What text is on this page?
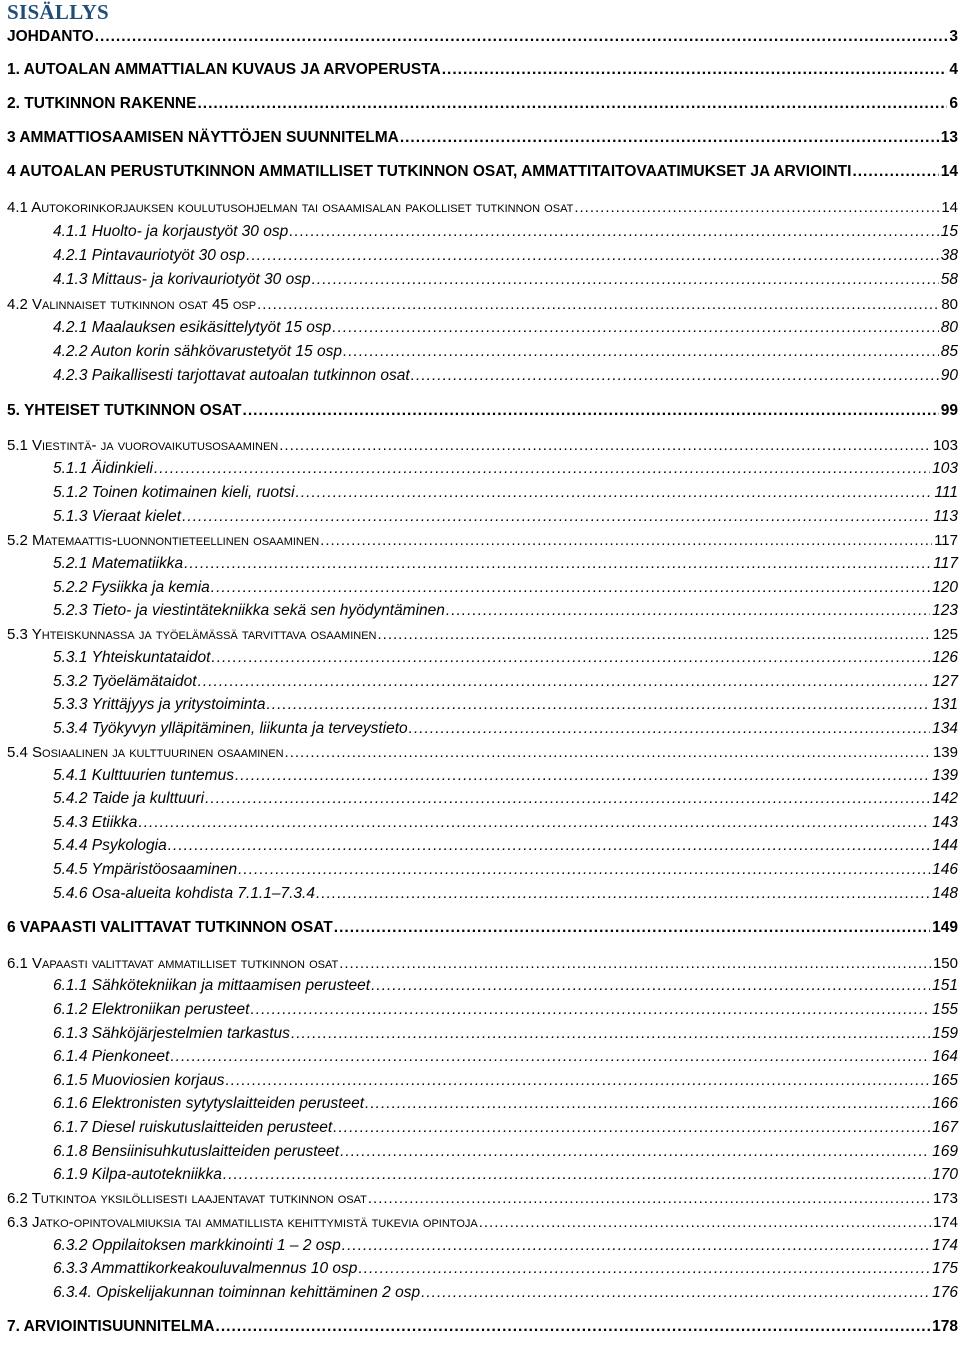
SISÄLLYS
JOHDANTO .....	3
1. AUTOALAN AMMATTIALAN KUVAUS JA ARVOPERUSTA .....	4
2. TUTKINNON RAKENNE .....	6
3 AMMATTIOSAAMISEN NÄYTTÖJEN SUUNNITELMA .....	13
4 AUTOALAN PERUSTUTKINNON AMMATILLISET TUTKINNON OSAT, AMMATTITAITOVAATIMUKSET JA ARVIOINTI .....	14
4.1 Autokorinkorjauksen koulutusohjelman tai osaamisalan pakolliset tutkinnon osat .....	14
4.1.1 Huolto- ja korjaustyöt 30 osp .....	15
4.2.1 Pintavauriotyöt 30 osp .....	38
4.1.3 Mittaus- ja korivauriotyöt 30 osp .....	58
4.2 Valinnaiset tutkinnon osat 45 osp .....	80
4.2.1 Maalauksen esikäsittelytyöt 15 osp .....	80
4.2.2 Auton korin sähkövarustetyöt 15 osp .....	85
4.2.3 Paikallisesti tarjottavat autoalan tutkinnon osat .....	90
5. YHTEISET TUTKINNON OSAT .....	99
5.1 Viestintä- ja vuorovaikutusosaaminen .....	103
5.1.1 Äidinkieli .....	103
5.1.2 Toinen kotimainen kieli, ruotsi .....	111
5.1.3 Vieraat kielet .....	113
5.2 Matemaattis-luonnontieteellinen osaaminen .....	117
5.2.1 Matematiikka .....	117
5.2.2 Fysiikka ja kemia .....	120
5.2.3 Tieto- ja viestintätekniikka sekä sen hyödyntäminen .....	123
5.3 Yhteiskunnassa ja työelämässä tarvittava osaaminen .....	125
5.3.1 Yhteiskuntataidot .....	126
5.3.2 Työelämätaidot .....	127
5.3.3 Yrittäjyys ja yritystoiminta .....	131
5.3.4 Työkyvyn ylläpitäminen, liikunta ja terveystieto .....	134
5.4 Sosiaalinen ja kulttuurinen osaaminen .....	139
5.4.1 Kulttuurien tuntemus .....	139
5.4.2 Taide ja kulttuuri .....	142
5.4.3 Etiikka .....	143
5.4.4 Psykologia .....	144
5.4.5 Ympäristöosaaminen .....	146
5.4.6 Osa-alueita kohdista 7.1.1–7.3.4 .....	148
6 VAPAASTI VALITTAVAT TUTKINNON OSAT .....	149
6.1 Vapaasti valittavat ammatilliset tutkinnon osat .....	150
6.1.1 Sähkötekniikan ja mittaamisen perusteet .....	151
6.1.2 Elektroniikan perusteet .....	155
6.1.3 Sähköjärjestelmien tarkastus .....	159
6.1.4 Pienkoneet .....	164
6.1.5 Muoviosien korjaus .....	165
6.1.6 Elektronisten sytytyslaitteiden perusteet .....	166
6.1.7 Diesel ruiskutuslaitteiden perusteet .....	167
6.1.8 Bensiinisuhkutuslaitteiden perusteet .....	169
6.1.9 Kilpa-autotekniikka .....	170
6.2 Tutkintoa yksilöllisesti laajentavat tutkinnon osat .....	173
6.3 Jatko-opintovalmiuksia tai ammatillista kehittymistä tukevia opintoja .....	174
6.3.2 Oppilaitoksen markkinointi 1 – 2 osp .....	174
6.3.3 Ammattikorkeakouluvalmennus 10 osp .....	175
6.3.4. Opiskelijakunnan toiminnan kehittäminen 2 osp .....	176
7. ARVIOINTISUUNNITELMA .....	178
